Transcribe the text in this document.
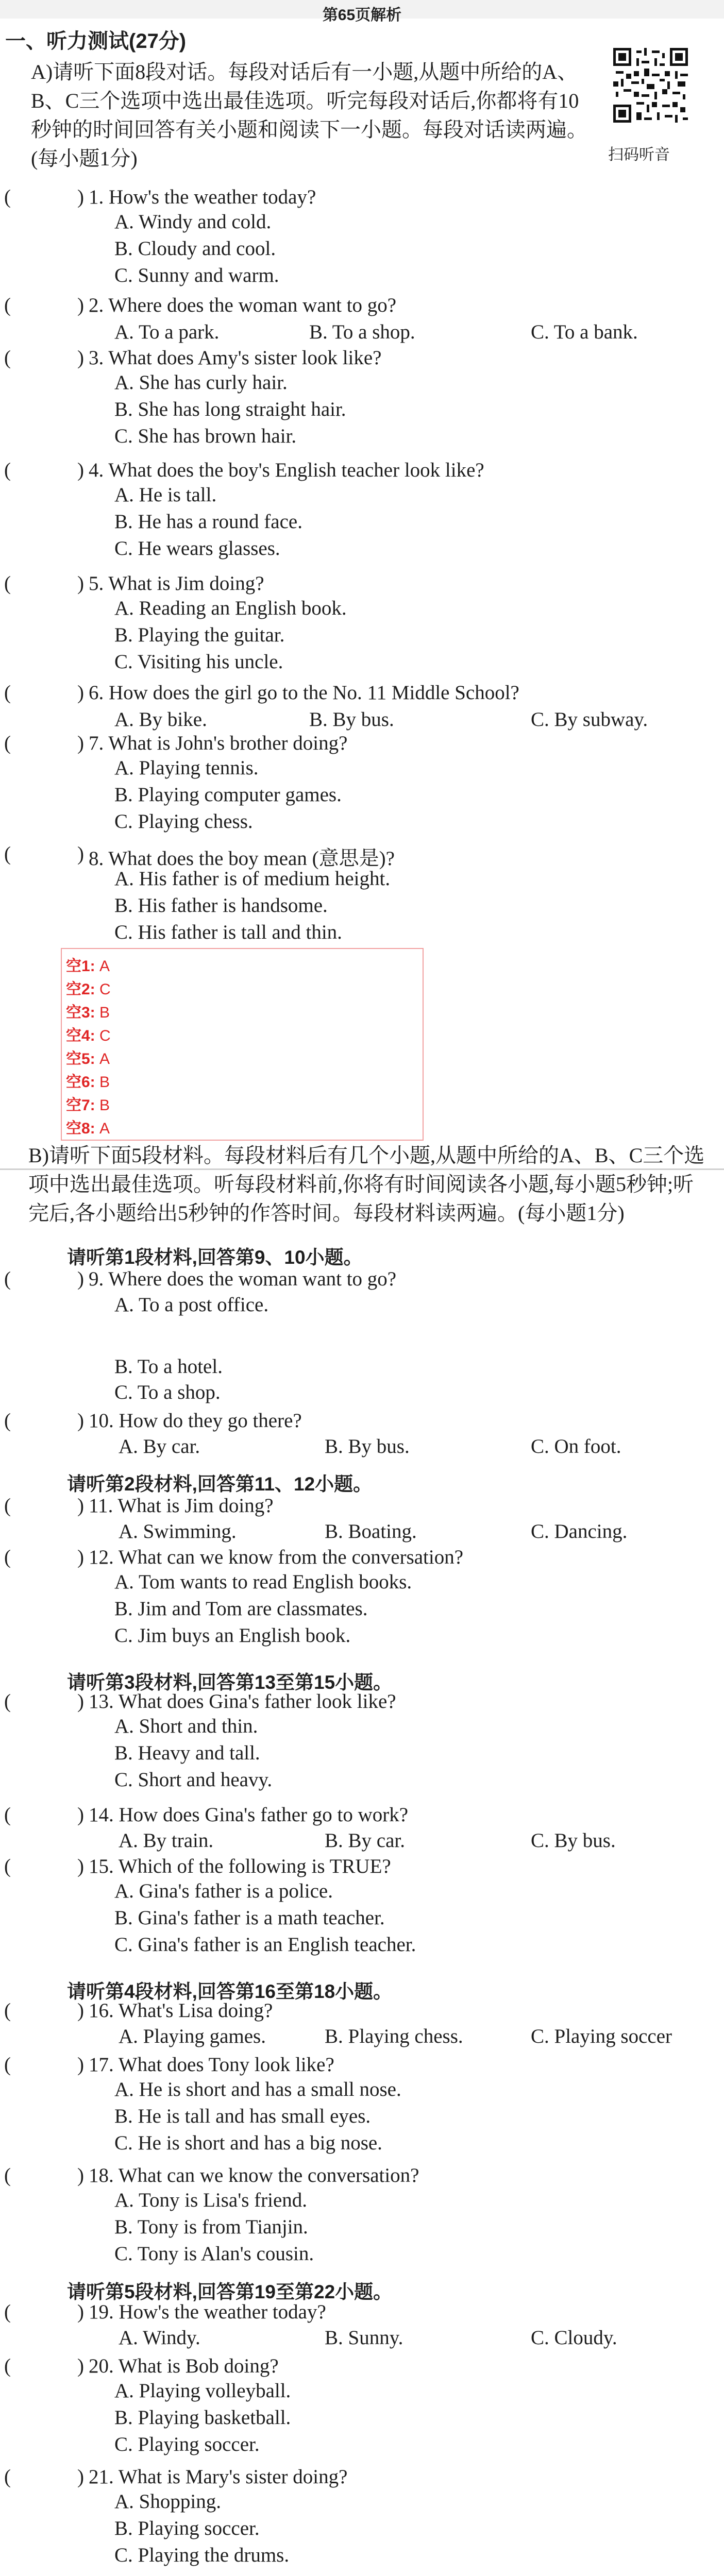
第65页解析
一、听力测试(27分)
扫码听音
A)请听下面8段对话。每段对话后有一小题,从题中所给的A、B、C三个选项中选出最佳选项。听完每段对话后,你都将有10秒钟的时间回答有关小题和阅读下一小题。每段对话读两遍。(每小题1分)
(	) 1. How's the weather today?
A. Windy and cold.
B. Cloudy and cool.
C. Sunny and warm.
(	) 2. Where does the woman want to go?
A. To a park.	B. To a shop.	C. To a bank.
(	) 3. What does Amy's sister look like?
A. She has curly hair.
B. She has long straight hair.
C. She has brown hair.
(	) 4. What does the boy's English teacher look like?
A. He is tall.
B. He has a round face.
C. He wears glasses.
(	) 5. What is Jim doing?
A. Reading an English book.
B. Playing the guitar.
C. Visiting his uncle.
(	) 6. How does the girl go to the No. 11 Middle School?
A. By bike.	B. By bus.	C. By subway.
(	) 7. What is John's brother doing?
A. Playing tennis.
B. Playing computer games.
C. Playing chess.
(	) 8. What does the boy mean (意思是)?
A. His father is of medium height.
B. His father is handsome.
C. His father is tall and thin.
(	) 9. Where does the woman want to go?
A. To a post office.
B. To a hotel.
C. To a shop.
(	) 10. How do they go there?
A. By car.	B. By bus.	C. On foot.
(	) 11. What is Jim doing?
A. Swimming.	B. Boating.	C. Dancing.
(	) 12. What can we know from the conversation?
A. Tom wants to read English books.
B. Jim and Tom are classmates.
C. Jim buys an English book.
(	) 13. What does Gina's father look like?
A. Short and thin.
B. Heavy and tall.
C. Short and heavy.
(	) 14. How does Gina's father go to work?
A. By train.	B. By car.	C. By bus.
(	) 15. Which of the following is TRUE?
A. Gina's father is a police.
B. Gina's father is a math teacher.
C. Gina's father is an English teacher.
(	) 16. What's Lisa doing?
A. Playing games.	B. Playing chess.	C. Playing soccer
(	) 17. What does Tony look like?
A. He is short and has a small nose.
B. He is tall and has small eyes.
C. He is short and has a big nose.
(	) 18. What can we know the conversation?
A. Tony is Lisa's friend.
B. Tony is from Tianjin.
C. Tony is Alan's cousin.
(	) 19. How's the weather today?
A. Windy.	B. Sunny.	C. Cloudy.
(	) 20. What is Bob doing?
A. Playing volleyball.
B. Playing basketball.
C. Playing soccer.
(	) 21. What is Mary's sister doing?
A. Shopping.
B. Playing soccer.
C. Playing the drums.
空1: A
空2: C
空3: B
空4: C
空5: A
空6: B
空7: B
空8: A
B)请听下面5段材料。每段材料后有几个小题,从题中所给的A、B、C三个选项中选出最佳选项。听每段材料前,你将有时间阅读各小题,每小题5秒钟;听完后,各小题给出5秒钟的作答时间。每段材料读两遍。(每小题1分)
请听第1段材料,回答第9、10小题。
请听第2段材料,回答第11、12小题。
请听第3段材料,回答第13至第15小题。
请听第4段材料,回答第16至第18小题。
请听第5段材料,回答第19至第22小题。
